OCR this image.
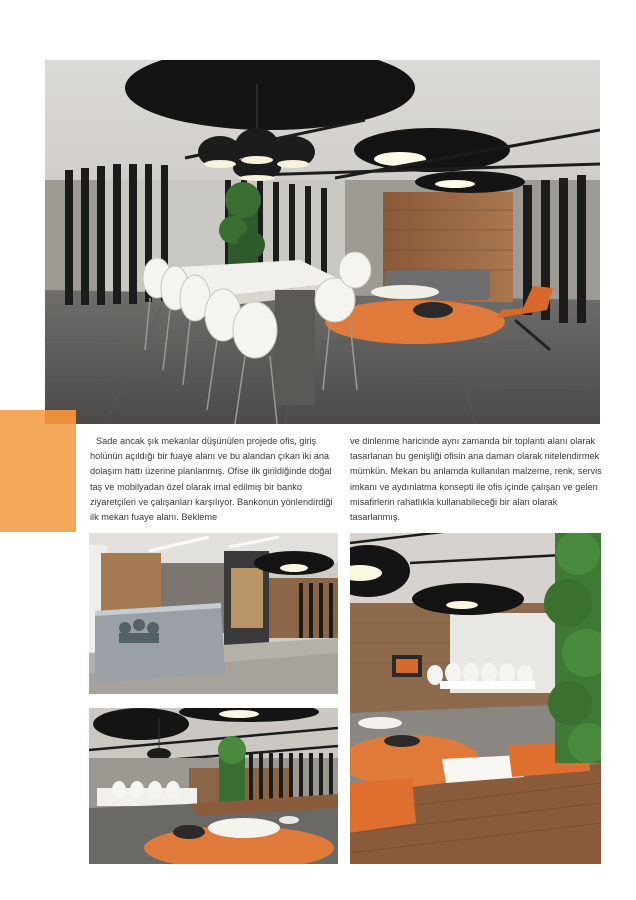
Sade ancak şık mekanlar düşünülen projede ofis, giriş holünün açıldığı bir fuaye alanı ve bu alandan çıkan iki ana dolaşım hattı üzerine planlanmış. Ofise ilk girildiğinde doğal taş ve mobilyadan özel olarak imal edilmiş bir banko ziyaretçileri ve çalışanları karşılıyor. Bankonun yönlendirdiği ilk mekan fuaye alanı. Bekleme

ve dinlenme haricinde aynı zamanda bir toplantı alanı olarak tasarlanan bu genişliği ofisin ana damarı olarak nitelendirmek mümkün. Mekan bu anlamda kullanılan malzeme, renk, servis imkanı ve aydınlatma konsepti ile ofis içinde çalışan ve gelen misafirlerin rahatlıkla kullanabileceği bir alan olarak tasarlanmış.
